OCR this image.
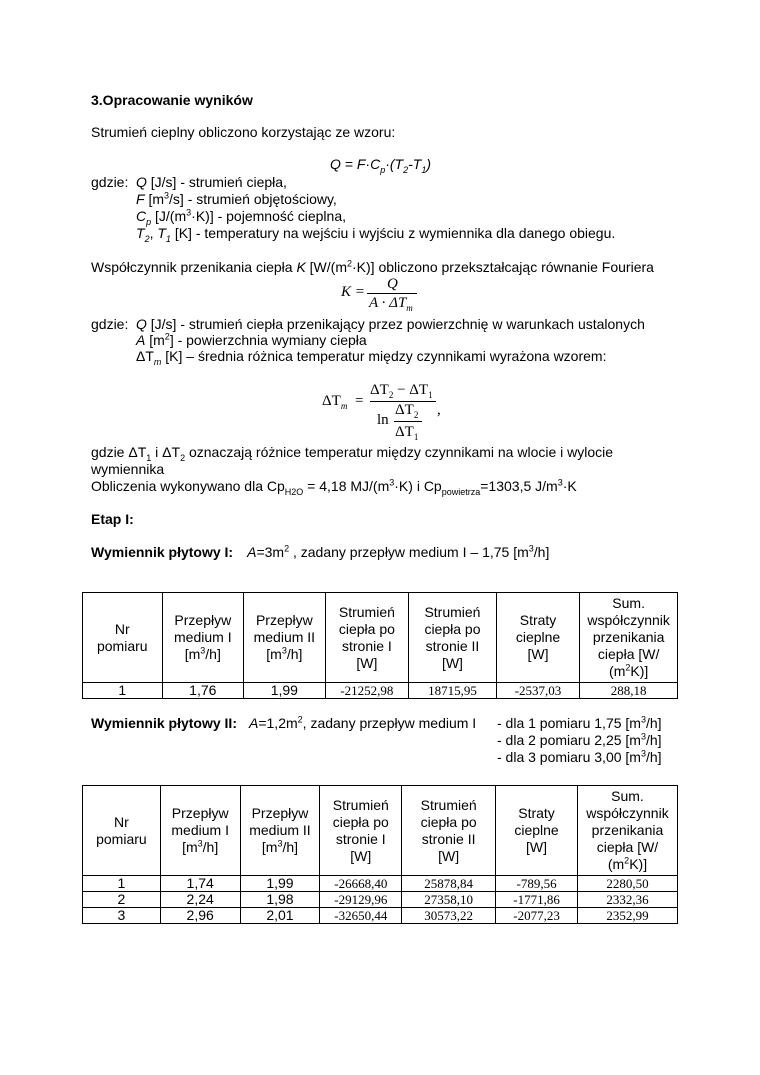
3.Opracowanie wyników
Strumień cieplny obliczono korzystając ze wzoru:
$Q = F\cdot C_p\cdot(T_2-T_1)$
gdzie: Q [J/s] - strumień ciepła,
F $[m^3/s]$ - strumień objętościowy,
$C_p$ $[J/(m^3\cdot K)]$ - pojemność cieplna,
$T_2$, $T_1$ [K] - temperatury na wejściu i wyjściu z wymiennika dla danego obiegu.
Współczynnik przenikania ciepła K $[W/(m^2\cdot K)]$ obliczono przekształcając równanie Fouriera
K = Q
$A \cdot \Delta T_m$
gdzie: Q [J/s] - strumień ciepła przenikający przez powierzchnię w warunkach ustalonych
A $[m^2]$ - powierzchnia wymiany ciepła
$\Delta T_m$ [K] – średnia różnica temperatur między czynnikami wyrażona wzorem:
$\Delta T_m$ =
$\Delta T_2 - \Delta T_1$
ln
$\Delta T_2$
$\Delta T_1$
,
gdzie $\Delta T_1$ i $\Delta T_2$ oznaczają różnice temperatur między czynnikami na wlocie i wylocie
wymiennika
Obliczenia wykonywano dla $Cp_{H2O} = 4,18$ $MJ/(m^3\cdot K)$ i $Cp_{powietrza}=1303,5$ $J/m^3\cdot K$
Etap I:
Wymiennik płytowy I: $A=3m^2$ , zadany przepływ medium I – 1,75 $[m^3/h]$
Nr
pomiaru	Przepływ
medium I
$[m^3/h]$	Przepływ
medium II
$[m^3/h]$	Strumień
ciepła po
stronie I
[W]	Strumień
ciepła po
stronie II
[W]	Straty
cieplne
[W]	Sum.
współczynnik
przenikania
ciepła [W/
$(m^2K)$]
1	1,76	1,99	-21252,98	18715,95	-2537,03	288,18
Wymiennik płytowy II: $A=1,2m^2$, zadany przepływ medium I - dla 1 pomiaru 1,75 $[m^3/h]$
- dla 2 pomiaru 2,25 $[m^3/h]$
- dla 3 pomiaru 3,00 $[m^3/h]$
Nr
pomiaru	Przepływ
medium I
$[m^3/h]$	Przepływ
medium II
$[m^3/h]$	Strumień
ciepła po
stronie I
[W]	Strumień
ciepła po
stronie II
[W]	Straty
cieplne
[W]	Sum.
współczynnik
przenikania
ciepła [W/
$(m^2K)$]
1	1,74	1,99	-26668,40	25878,84	-789,56	2280,50
2	2,24	1,98	-29129,96	27358,10	-1771,86	2332,36
3	2,96	2,01	-32650,44	30573,22	-2077,23	2352,99
